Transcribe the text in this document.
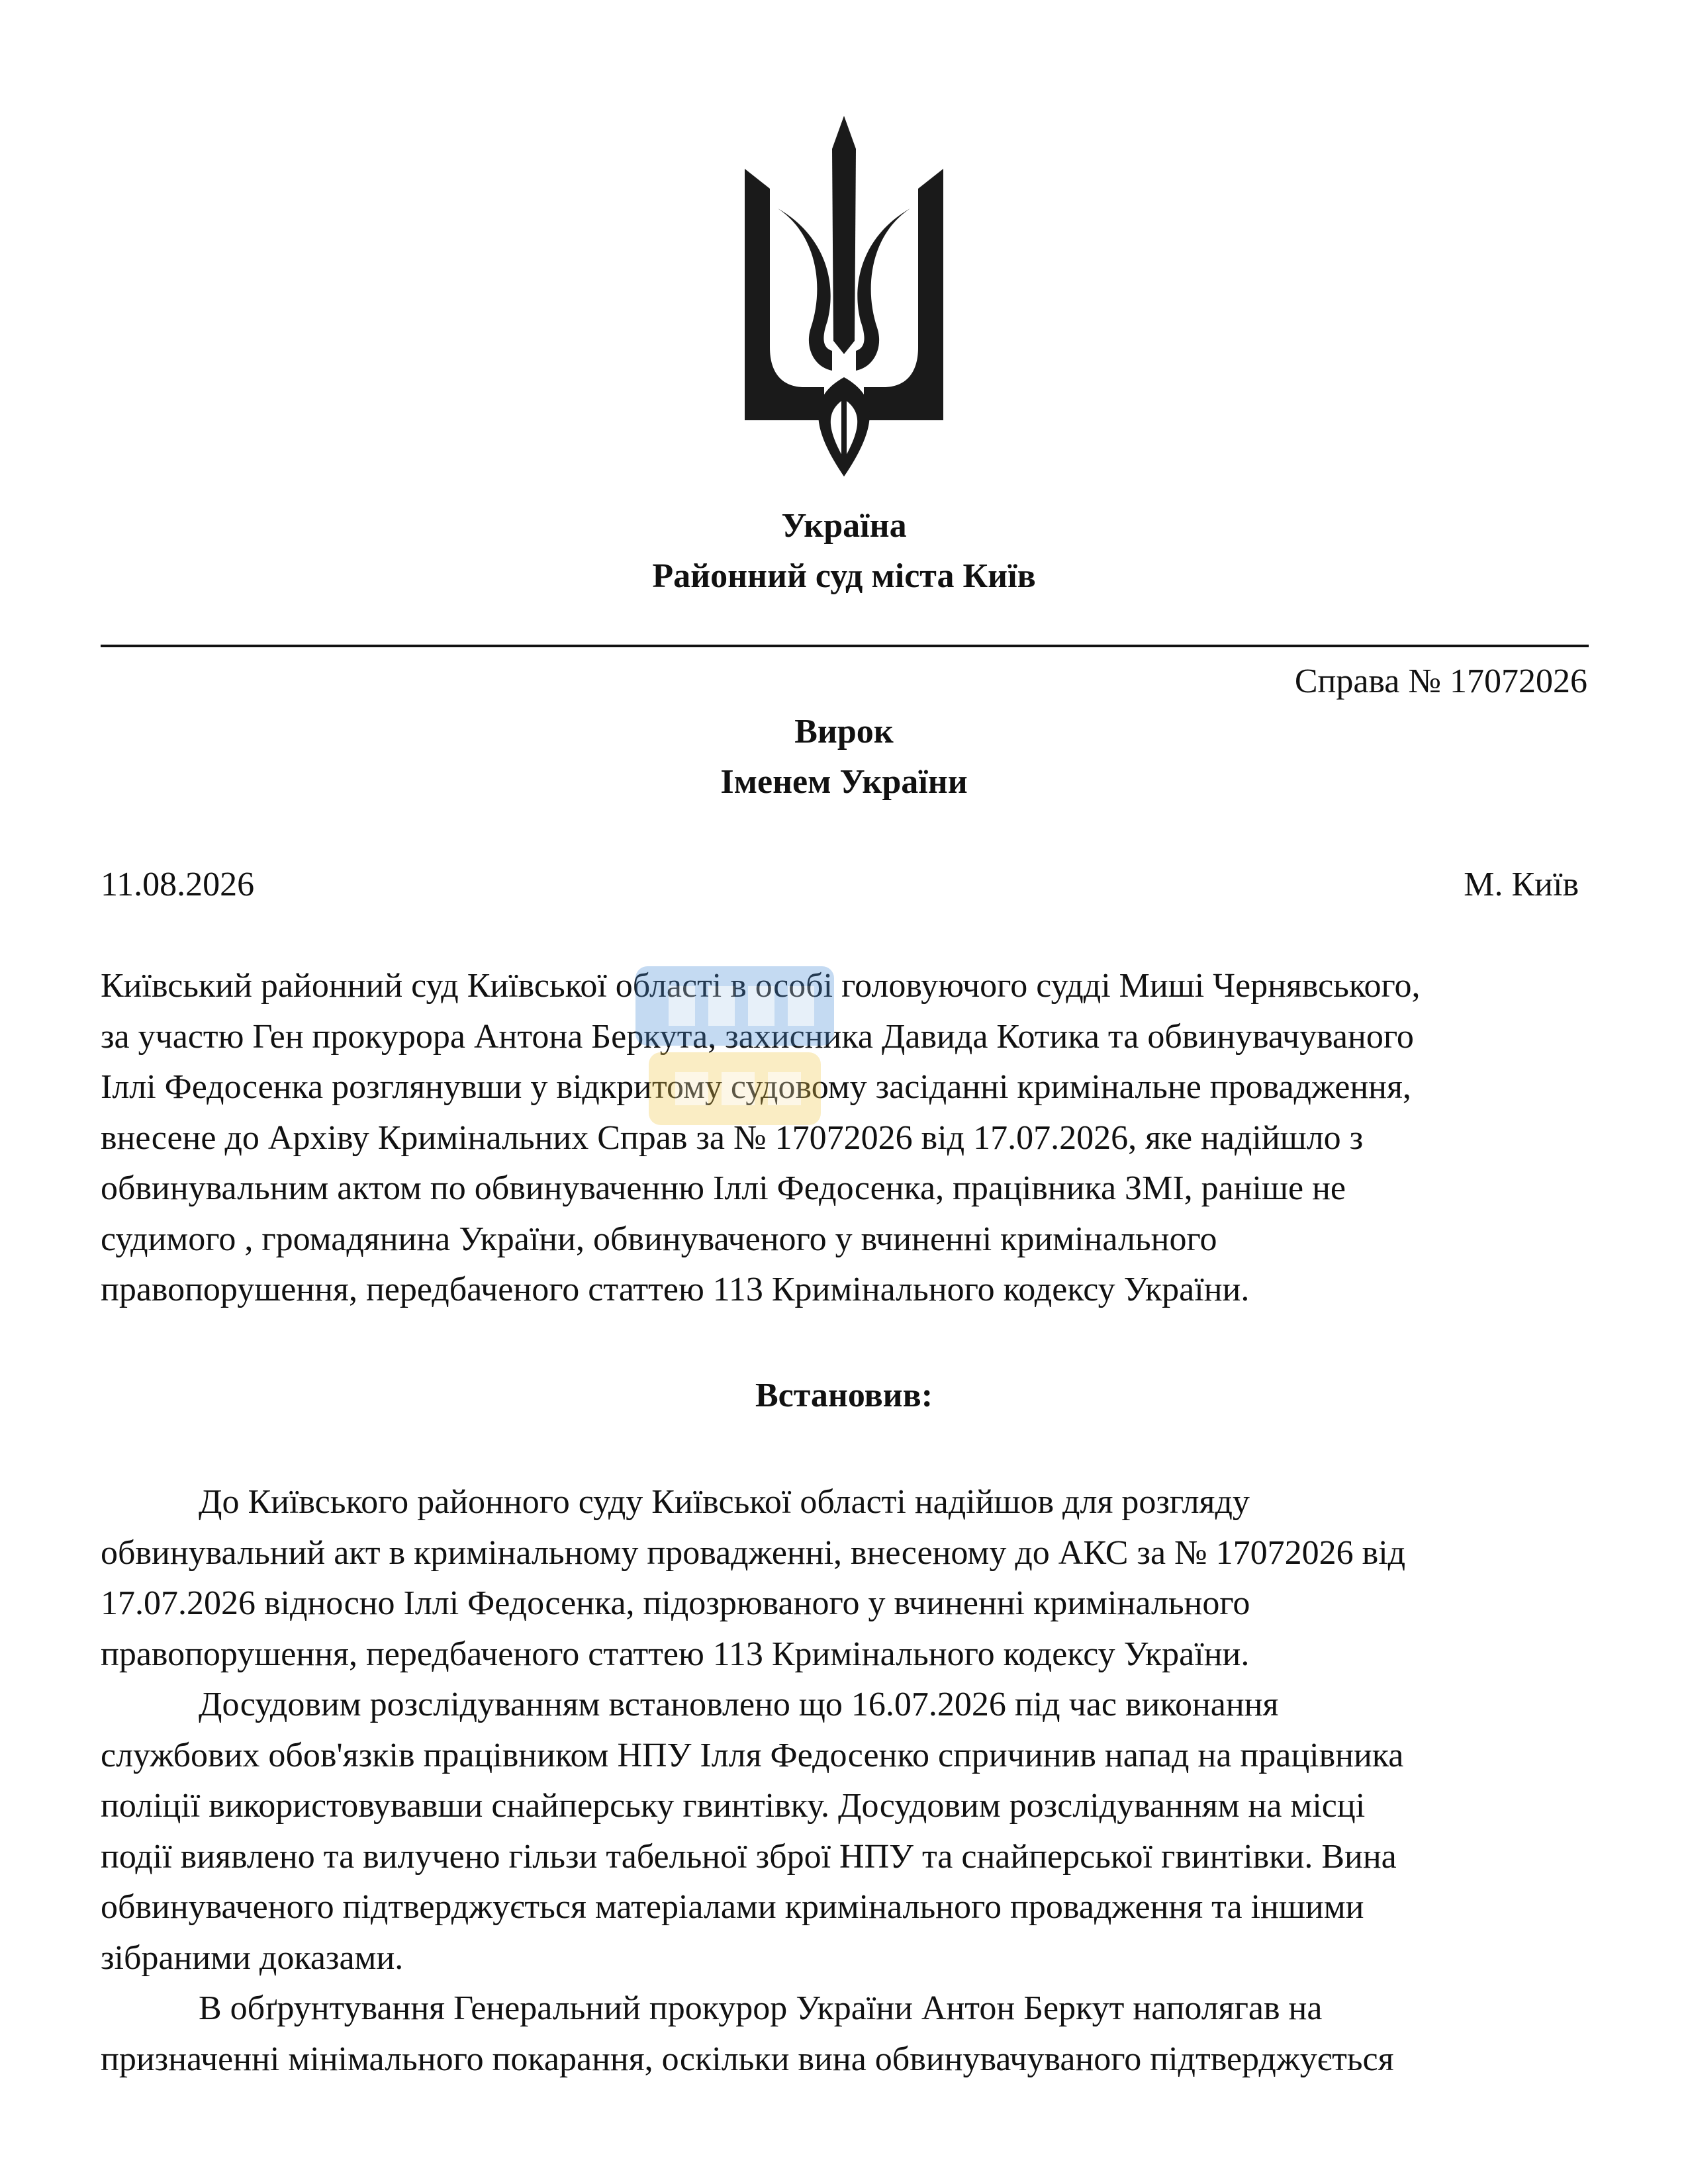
Україна
Районний суд міста Київ
Справа № 17072026
Вирок
Іменем України
11.08.2026	М. Київ
Київський районний суд Київської області в особі головуючого судді Миші Чернявського,
за участю Ген прокурора Антона Беркута, захисника Давида Котика та обвинувачуваного
Іллі Федосенка розглянувши у відкритому судовому засіданні кримінальне провадження,
внесене до Архіву Кримінальних Справ за № 17072026 від 17.07.2026, яке надійшло з
обвинувальним актом по обвинуваченню Іллі Федосенка, працівника ЗМІ, раніше не
судимого , громадянина України, обвинуваченого у вчиненні кримінального
правопорушення, передбаченого статтею 113 Кримінального кодексу України.
Встановив:
До Київського районного суду Київської області надійшов для розгляду
обвинувальний акт в кримінальному провадженні, внесеному до АКС за № 17072026 від
17.07.2026 відносно Іллі Федосенка, підозрюваного у вчиненні кримінального
правопорушення, передбаченого статтею 113 Кримінального кодексу України.
Досудовим розслідуванням встановлено що 16.07.2026 під час виконання
службових обов'язків працівником НПУ Ілля Федосенко спричинив напад на працівника
поліції використовувавши снайперську гвинтівку. Досудовим розслідуванням на місці
події виявлено та вилучено гільзи табельної зброї НПУ та снайперської гвинтівки. Вина
обвинуваченого підтверджується матеріалами кримінального провадження та іншими
зібраними доказами.
В обґрунтування Генеральний прокурор України Антон Беркут наполягав на
призначенні мінімального покарання, оскільки вина обвинувачуваного підтверджується
